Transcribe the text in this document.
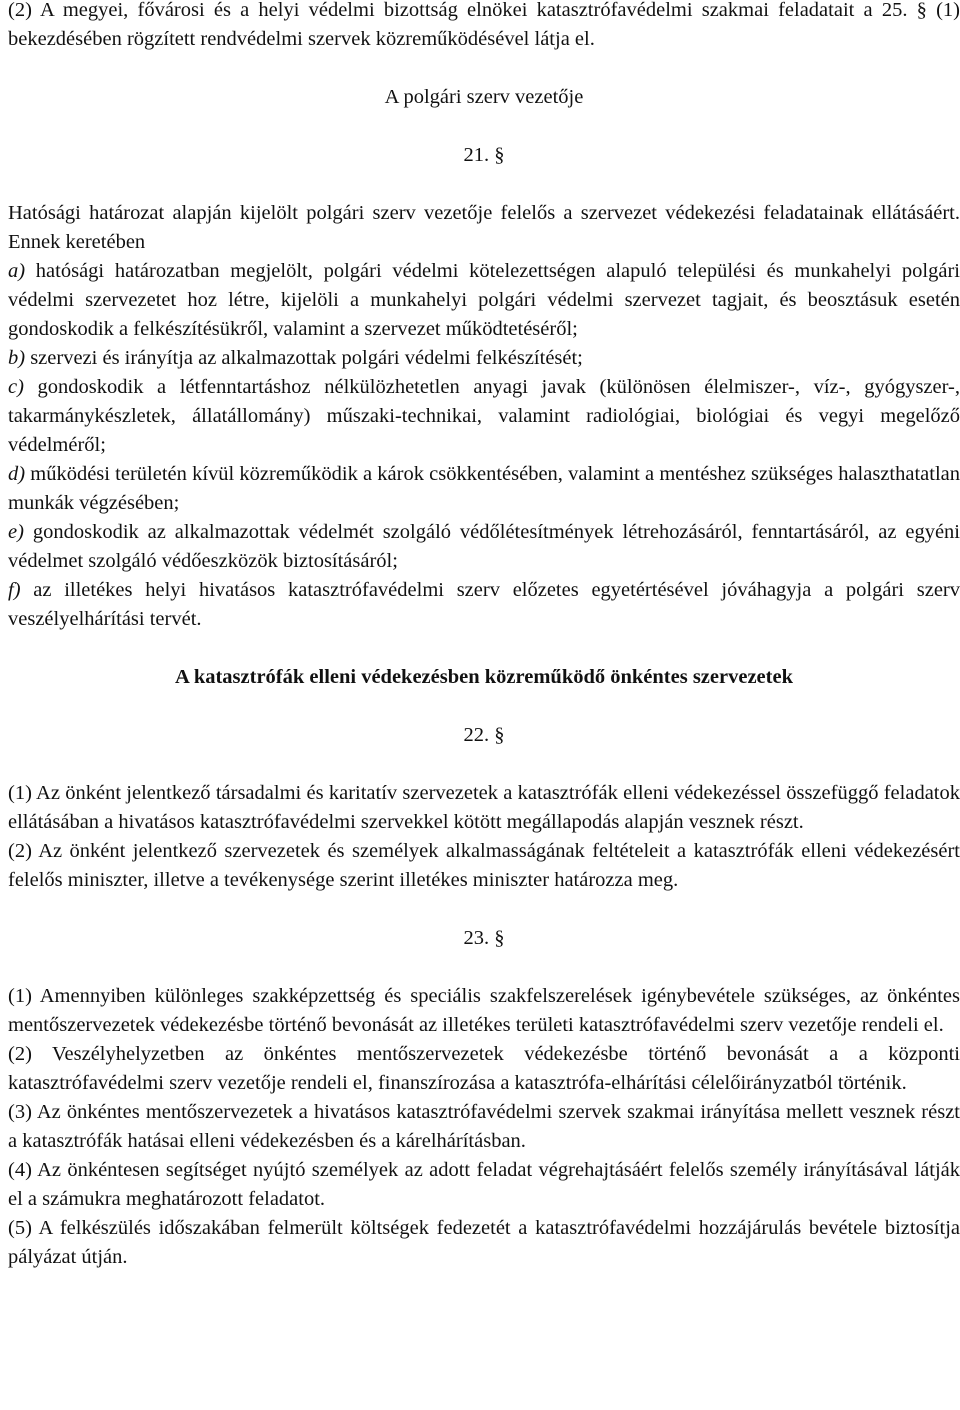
(2) A megyei, fővárosi és a helyi védelmi bizottság elnökei katasztrófavédelmi szakmai feladatait a 25. § (1) bekezdésében rögzített rendvédelmi szervek közreműködésével látja el.

A polgári szerv vezetője

21. §

Hatósági határozat alapján kijelölt polgári szerv vezetője felelős a szervezet védekezési feladatainak ellátásáért. Ennek keretében

a) hatósági határozatban megjelölt, polgári védelmi kötelezettségen alapuló települési és munkahelyi polgári védelmi szervezetet hoz létre, kijelöli a munkahelyi polgári védelmi szervezet tagjait, és beosztásuk esetén gondoskodik a felkészítésükről, valamint a szervezet működtetéséről;

b) szervezi és irányítja az alkalmazottak polgári védelmi felkészítését;

c) gondoskodik a létfenntartáshoz nélkülözhetetlen anyagi javak (különösen élelmiszer-, víz-, gyógyszer-, takarmánykészletek, állatállomány) műszaki-technikai, valamint radiológiai, biológiai és vegyi megelőző védelméről;

d) működési területén kívül közreműködik a károk csökkentésében, valamint a mentéshez szükséges halaszthatatlan munkák végzésében;

e) gondoskodik az alkalmazottak védelmét szolgáló védőlétesítmények létrehozásáról, fenntartásáról, az egyéni védelmet szolgáló védőeszközök biztosításáról;

f) az illetékes helyi hivatásos katasztrófavédelmi szerv előzetes egyetértésével jóváhagyja a polgári szerv veszélyelhárítási tervét.

A katasztrófák elleni védekezésben közreműködő önkéntes szervezetek

22. §

(1) Az önként jelentkező társadalmi és karitatív szervezetek a katasztrófák elleni védekezéssel összefüggő feladatok ellátásában a hivatásos katasztrófavédelmi szervekkel kötött megállapodás alapján vesznek részt.

(2) Az önként jelentkező szervezetek és személyek alkalmasságának feltételeit a katasztrófák elleni védekezésért felelős miniszter, illetve a tevékenysége szerint illetékes miniszter határozza meg.

23. §

(1) Amennyiben különleges szakképzettség és speciális szakfelszerelések igénybevétele szükséges, az önkéntes mentőszervezetek védekezésbe történő bevonását az illetékes területi katasztrófavédelmi szerv vezetője rendeli el.

(2) Veszélyhelyzetben az önkéntes mentőszervezetek védekezésbe történő bevonását a a központi katasztrófavédelmi szerv vezetője rendeli el, finanszírozása a katasztrófa-elhárítási célelőirányzatból történik.

(3) Az önkéntes mentőszervezetek a hivatásos katasztrófavédelmi szervek szakmai irányítása mellett vesznek részt a katasztrófák hatásai elleni védekezésben és a kárelhárításban.

(4) Az önkéntesen segítséget nyújtó személyek az adott feladat végrehajtásáért felelős személy irányításával látják el a számukra meghatározott feladatot.

(5) A felkészülés időszakában felmerült költségek fedezetét a katasztrófavédelmi hozzájárulás bevétele biztosítja pályázat útján.
